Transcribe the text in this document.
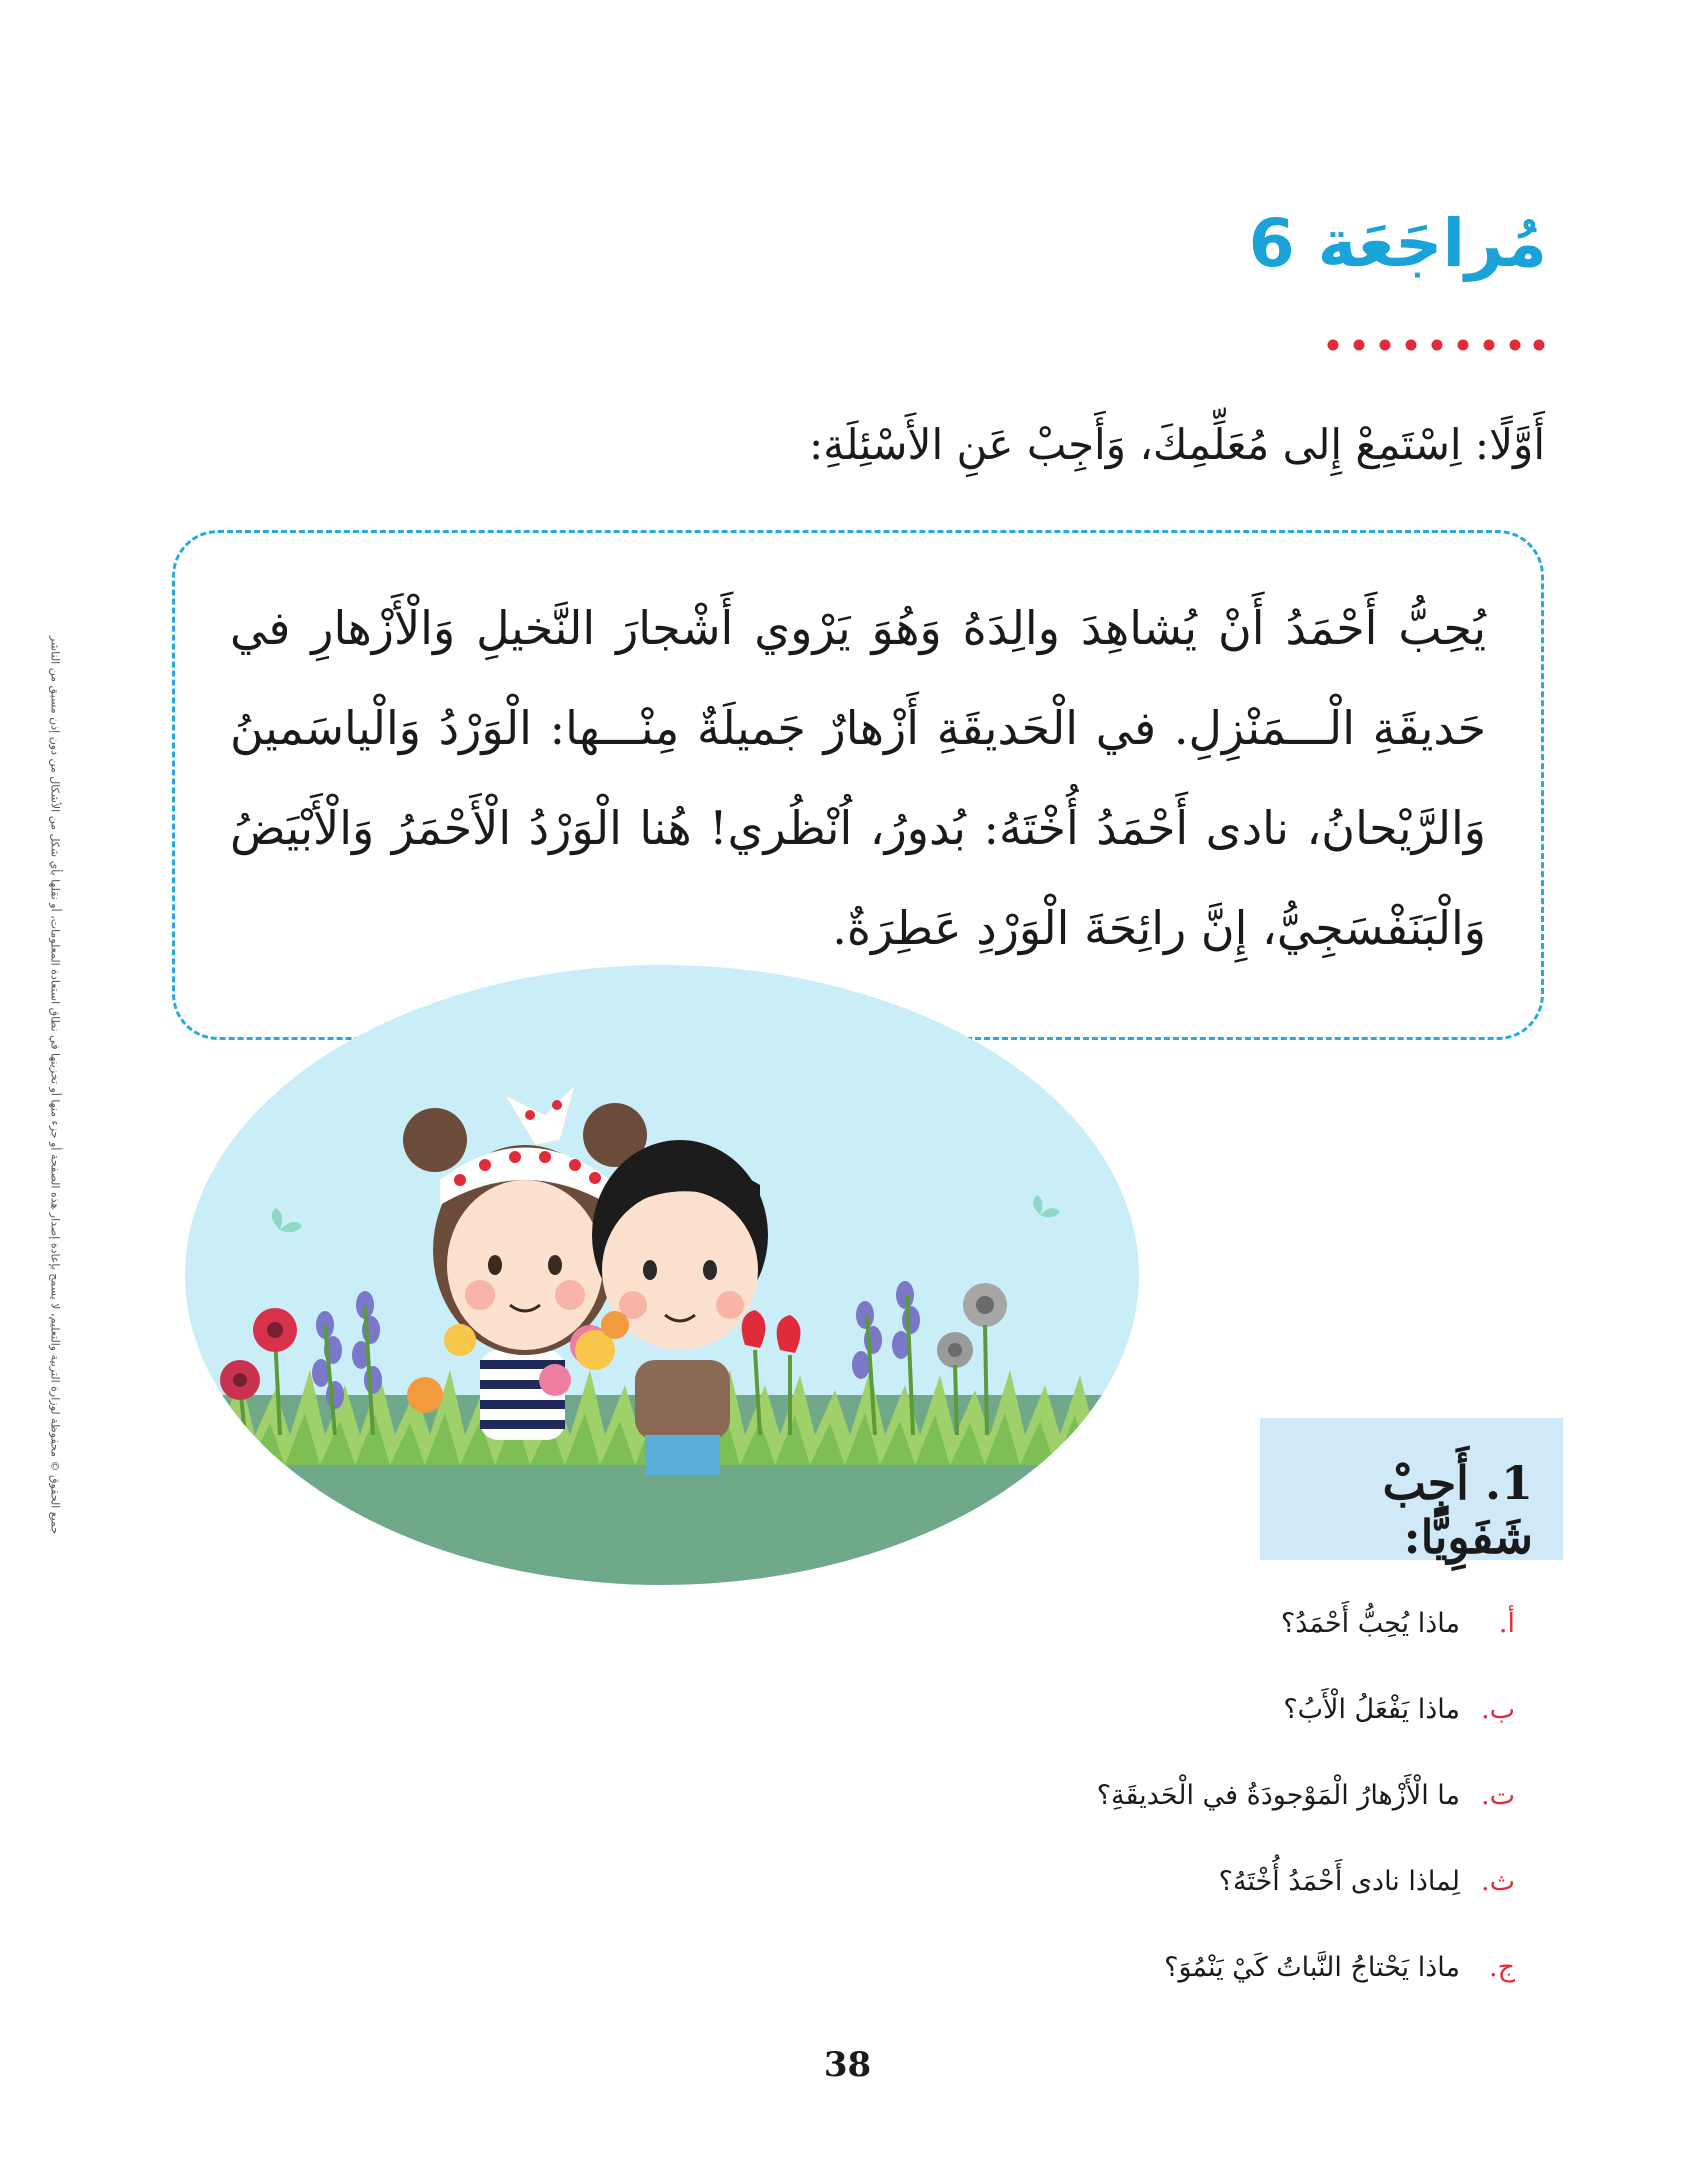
مُراجَعَة 6
أَوَّلًا: اِسْتَمِعْ إِلى مُعَلِّمِكَ، وَأَجِبْ عَنِ الأَسْئِلَةِ:
جميع الحقوق © محفوظة لوزارة التربية والتعليم، لا يسمح بإعادة إصدار هذه الصفحة أو جزء منها أو تخزينها في نطاق استعادة المعلومات، أو نقلها بأي شكل من الأشكال من دون إذن مسبق من الناشر
يُحِبُّ أَحْمَدُ أَنْ يُشاهِدَ والِدَهُ وَهُوَ يَرْوي أَشْجارَ النَّخيلِ وَالْأَزْهارِ في حَديقَةِ الْـــمَنْزِلِ. في الْحَديقَةِ أَزْهارٌ جَميلَةٌ مِنْـــها: الْوَرْدُ وَالْياسَمينُ وَالرَّيْحانُ، نادى أَحْمَدُ أُخْتَهُ: بُدورُ، اُنْظُري! هُنا الْوَرْدُ الْأَحْمَرُ وَالْأَبْيَضُ وَالْبَنَفْسَجِيُّ، إِنَّ رائِحَةَ الْوَرْدِ عَطِرَةٌ.
1. أَجِبْ شَفَوِيًّا:
أ.
ماذا يُحِبُّ أَحْمَدُ؟
ب.
ماذا يَفْعَلُ الْأَبُ؟
ت.
ما الْأَزْهارُ الْمَوْجودَةُ في الْحَديقَةِ؟
ث.
لِماذا نادى أَحْمَدُ أُخْتَهُ؟
ج.
ماذا يَحْتاجُ النَّباتُ كَيْ يَنْمُوَ؟
38
